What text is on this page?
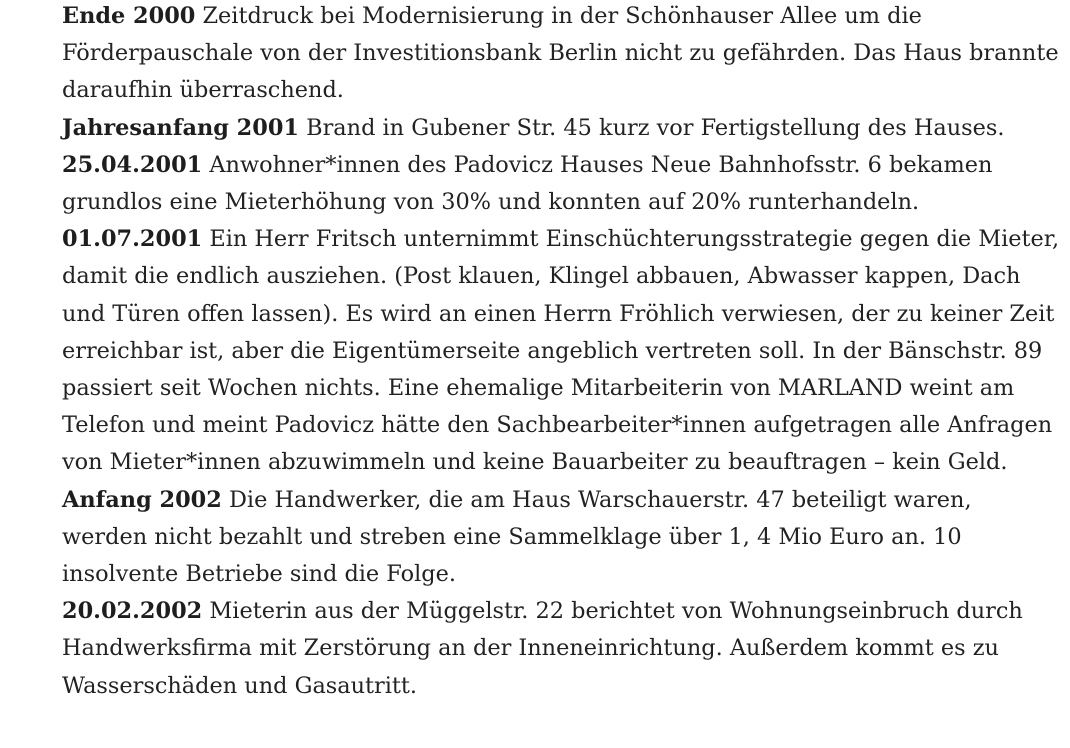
Ende 2000 Zeitdruck bei Modernisierung in der Schönhauser Allee um die Förderpauschale von der Investitionsbank Berlin nicht zu gefährden. Das Haus brannte daraufhin überraschend.

Jahresanfang 2001 Brand in Gubener Str. 45 kurz vor Fertigstellung des Hauses.

25.04.2001 Anwohner*innen des Padovicz Hauses Neue Bahnhofsstr. 6 bekamen grundlos eine Mieterhöhung von 30% und konnten auf 20% runterhandeln.

01.07.2001 Ein Herr Fritsch unternimmt Einschüchterungsstrategie gegen die Mieter, damit die endlich ausziehen. (Post klauen, Klingel abbauen, Abwasser kappen, Dach und Türen offen lassen). Es wird an einen Herrn Fröhlich verwiesen, der zu keiner Zeit erreichbar ist, aber die Eigentümerseite angeblich vertreten soll. In der Bänschstr. 89 passiert seit Wochen nichts. Eine ehemalige Mitarbeiterin von MARLAND weint am Telefon und meint Padovicz hätte den Sachbearbeiter*innen aufgetragen alle Anfragen von Mieter*innen abzuwimmeln und keine Bauarbeiter zu beauftragen – kein Geld.

Anfang 2002 Die Handwerker, die am Haus Warschauerstr. 47 beteiligt waren, werden nicht bezahlt und streben eine Sammelklage über 1, 4 Mio Euro an. 10 insolvente Betriebe sind die Folge.

20.02.2002 Mieterin aus der Müggelstr. 22 berichtet von Wohnungseinbruch durch Handwerksfirma mit Zerstörung an der Inneneinrichtung. Außerdem kommt es zu Wasserschäden und Gasautritt.
